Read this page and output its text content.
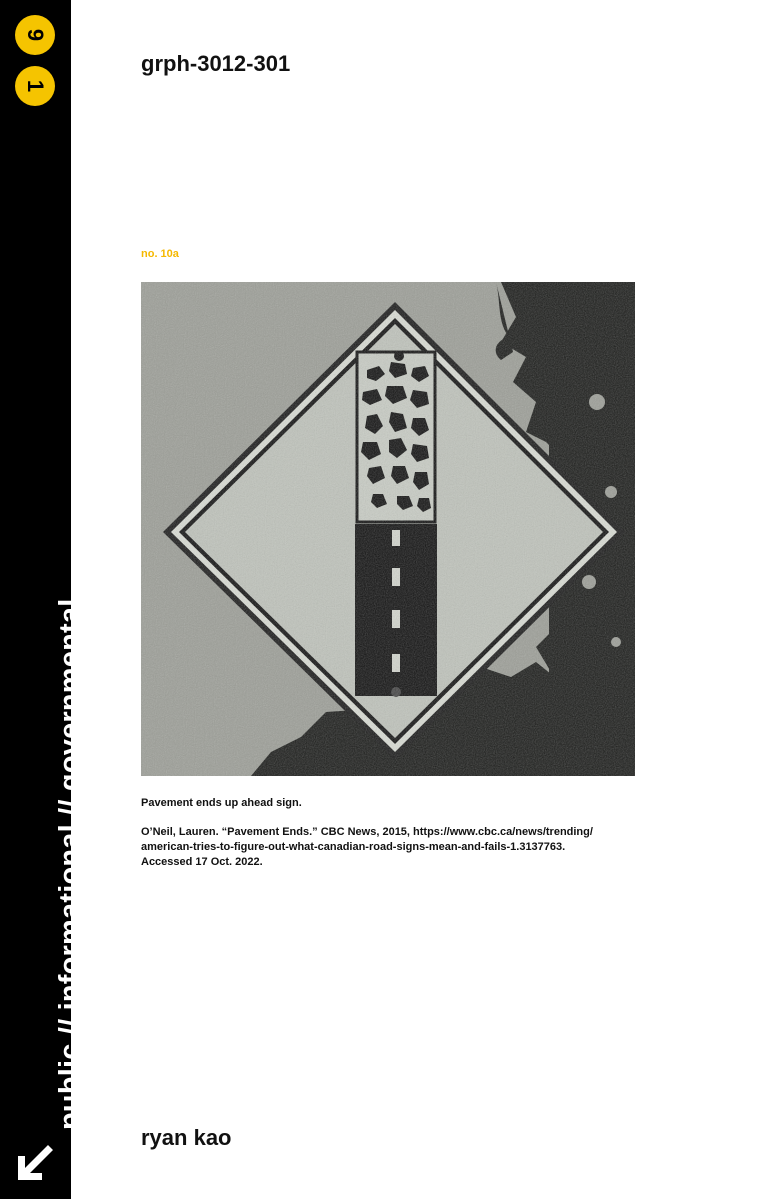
9
1
public // informational // governmental
grph-3012-301
no. 10a
Pavement ends up ahead sign.
O’Neil, Lauren. “Pavement Ends.” CBC News, 2015, https://www.cbc.ca/news/trending/
american-tries-to-figure-out-what-canadian-road-signs-mean-and-fails-1.3137763.
Accessed 17 Oct. 2022.
ryan kao
